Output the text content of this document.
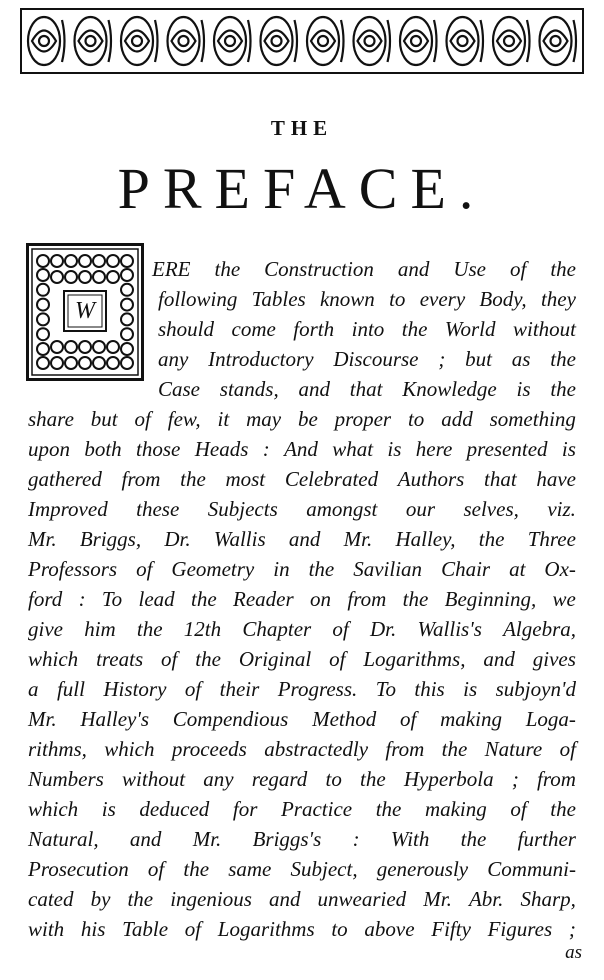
THE
PREFACE.
W
ERE the Construction and Use of the
following Tables known to every Body, they
should come forth into the World without
any Introductory Discourse ; but as the
Case stands, and that Knowledge is the
share but of few, it may be proper to add something
upon both those Heads : And what is here presented is
gathered from the most Celebrated Authors that have
Improved these Subjects amongst our selves, viz.
Mr. Briggs, Dr. Wallis and Mr. Halley, the Three
Professors of Geometry in the Savilian Chair at Ox-
ford : To lead the Reader on from the Beginning, we
give him the 12th Chapter of Dr. Wallis's Algebra,
which treats of the Original of Logarithms, and gives
a full History of their Progress. To this is subjoyn'd
Mr. Halley's Compendious Method of making Loga-
rithms, which proceeds abstractedly from the Nature of
Numbers without any regard to the Hyperbola ; from
which is deduced for Practice the making of the
Natural, and Mr. Briggs's : With the further
Prosecution of the same Subject, generously Communi-
cated by the ingenious and unwearied Mr. Abr. Sharp,
with his Table of Logarithms to above Fifty Figures ;
as
